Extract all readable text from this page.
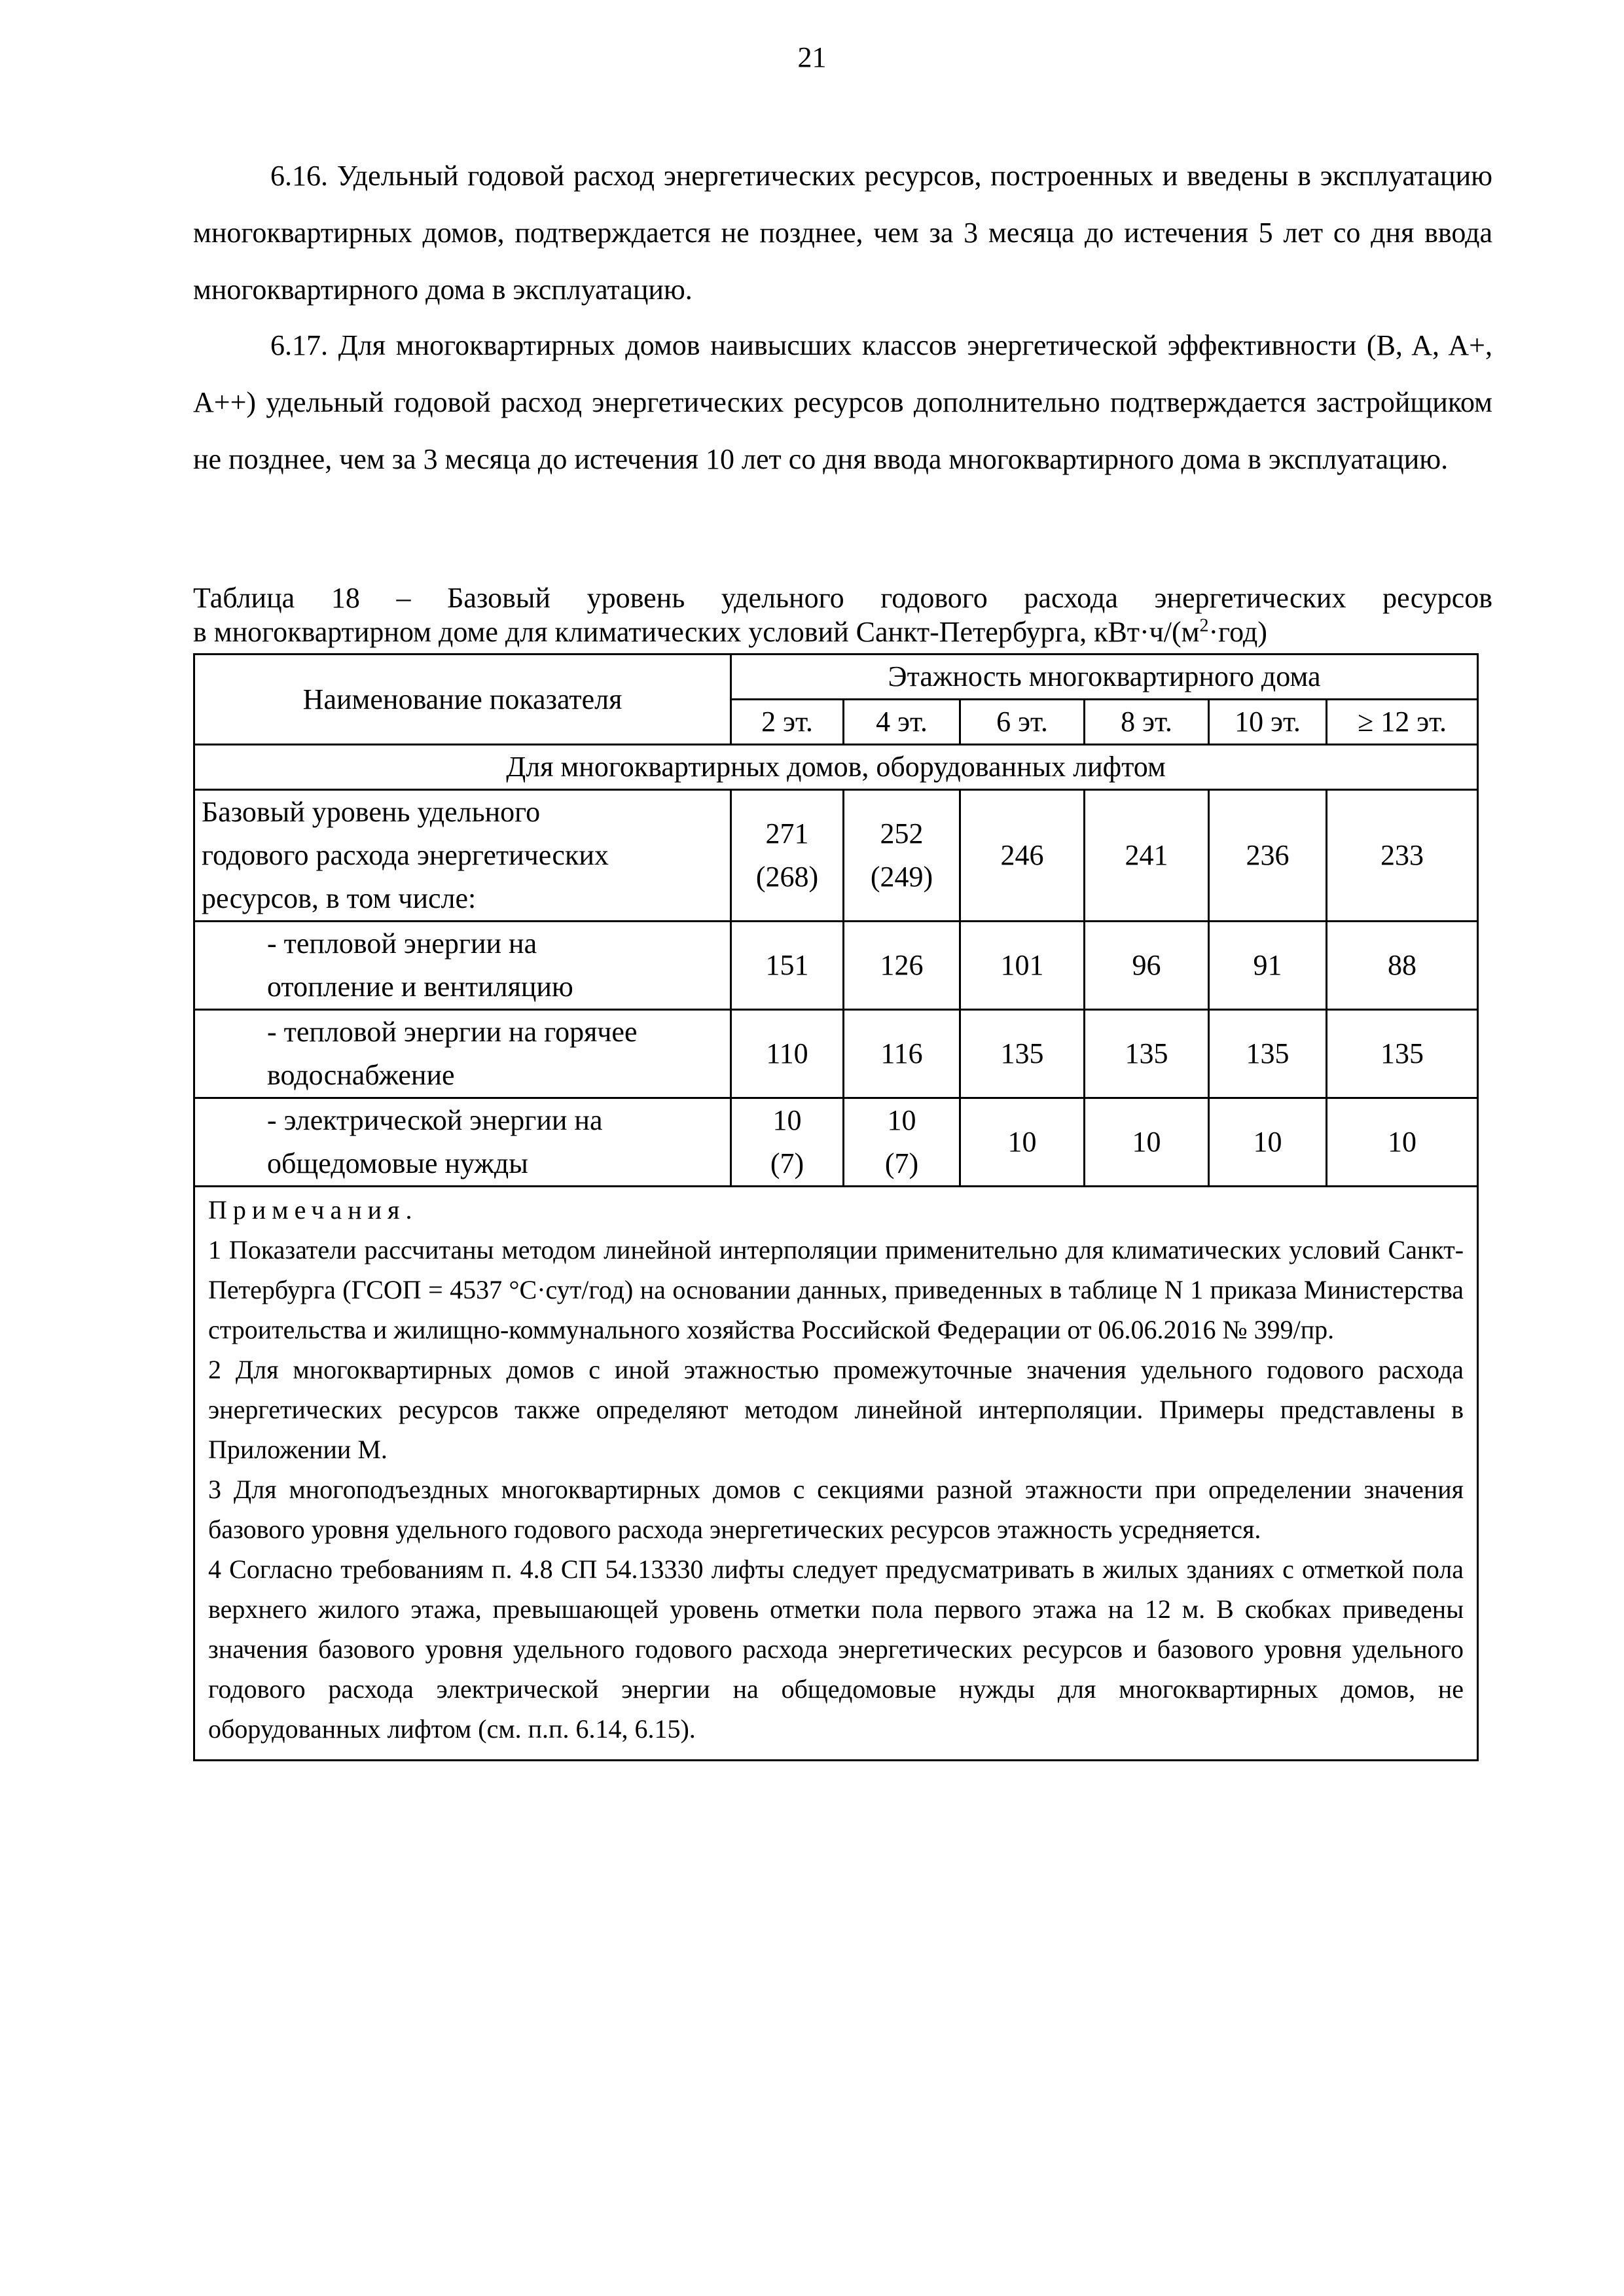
21

6.16. Удельный годовой расход энергетических ресурсов, построенных и введены в эксплуатацию многоквартирных домов, подтверждается не позднее, чем за 3 месяца до истечения 5 лет со дня ввода многоквартирного дома в эксплуатацию.

6.17. Для многоквартирных домов наивысших классов энергетической эффективности (B, A, A+, A++) удельный годовой расход энергетических ресурсов дополнительно подтверждается застройщиком не позднее, чем за 3 месяца до истечения 10 лет со дня ввода многоквартирного дома в эксплуатацию.

Таблица 18 – Базовый уровень удельного годового расхода энергетических ресурсов
в многоквартирном доме для климатических условий Санкт-Петербурга, $кВт\cdot ч/(м^2\cdot год)$
Наименование показателя	Этажность многоквартирного дома					
	2 эт.	4 эт.	6 эт.	8 эт.	10 эт.	≥ 12 эт.
Для многоквартирных домов, оборудованных лифтом						

Базовый уровень удельного
годового расхода энергетических
ресурсов, в том числе:	271
(268)	252
(249)	246	241	236	233

- тепловой энергии на
отопление и вентиляцию	151	126	101	96	91	88

- тепловой энергии на горячее
водоснабжение	110	116	135	135	135	135

- электрической энергии на
общедомовые нужды	10
(7)	10
(7)	10	10	10	10

Примечания.
1 Показатели рассчитаны методом линейной интерполяции применительно для климатических условий Санкт-Петербурга (ГСОП = 4537 °C·сут/год) на основании данных, приведенных в таблице N 1 приказа Министерства строительства и жилищно-коммунального хозяйства Российской Федерации от 06.06.2016 № 399/пр.
2 Для многоквартирных домов с иной этажностью промежуточные значения удельного годового расхода энергетических ресурсов также определяют методом линейной интерполяции. Примеры представлены в Приложении М.
3 Для многоподъездных многоквартирных домов с секциями разной этажности при определении значения базового уровня удельного годового расхода энергетических ресурсов этажность усредняется.
4 Согласно требованиям п. 4.8 СП 54.13330 лифты следует предусматривать в жилых зданиях с отметкой пола верхнего жилого этажа, превышающей уровень отметки пола первого этажа на 12 м. В скобках приведены значения базового уровня удельного годового расхода энергетических ресурсов и базового уровня удельного годового расхода электрической энергии на общедомовые нужды для многоквартирных домов, не оборудованных лифтом (см. п.п. 6.14, 6.15).						
